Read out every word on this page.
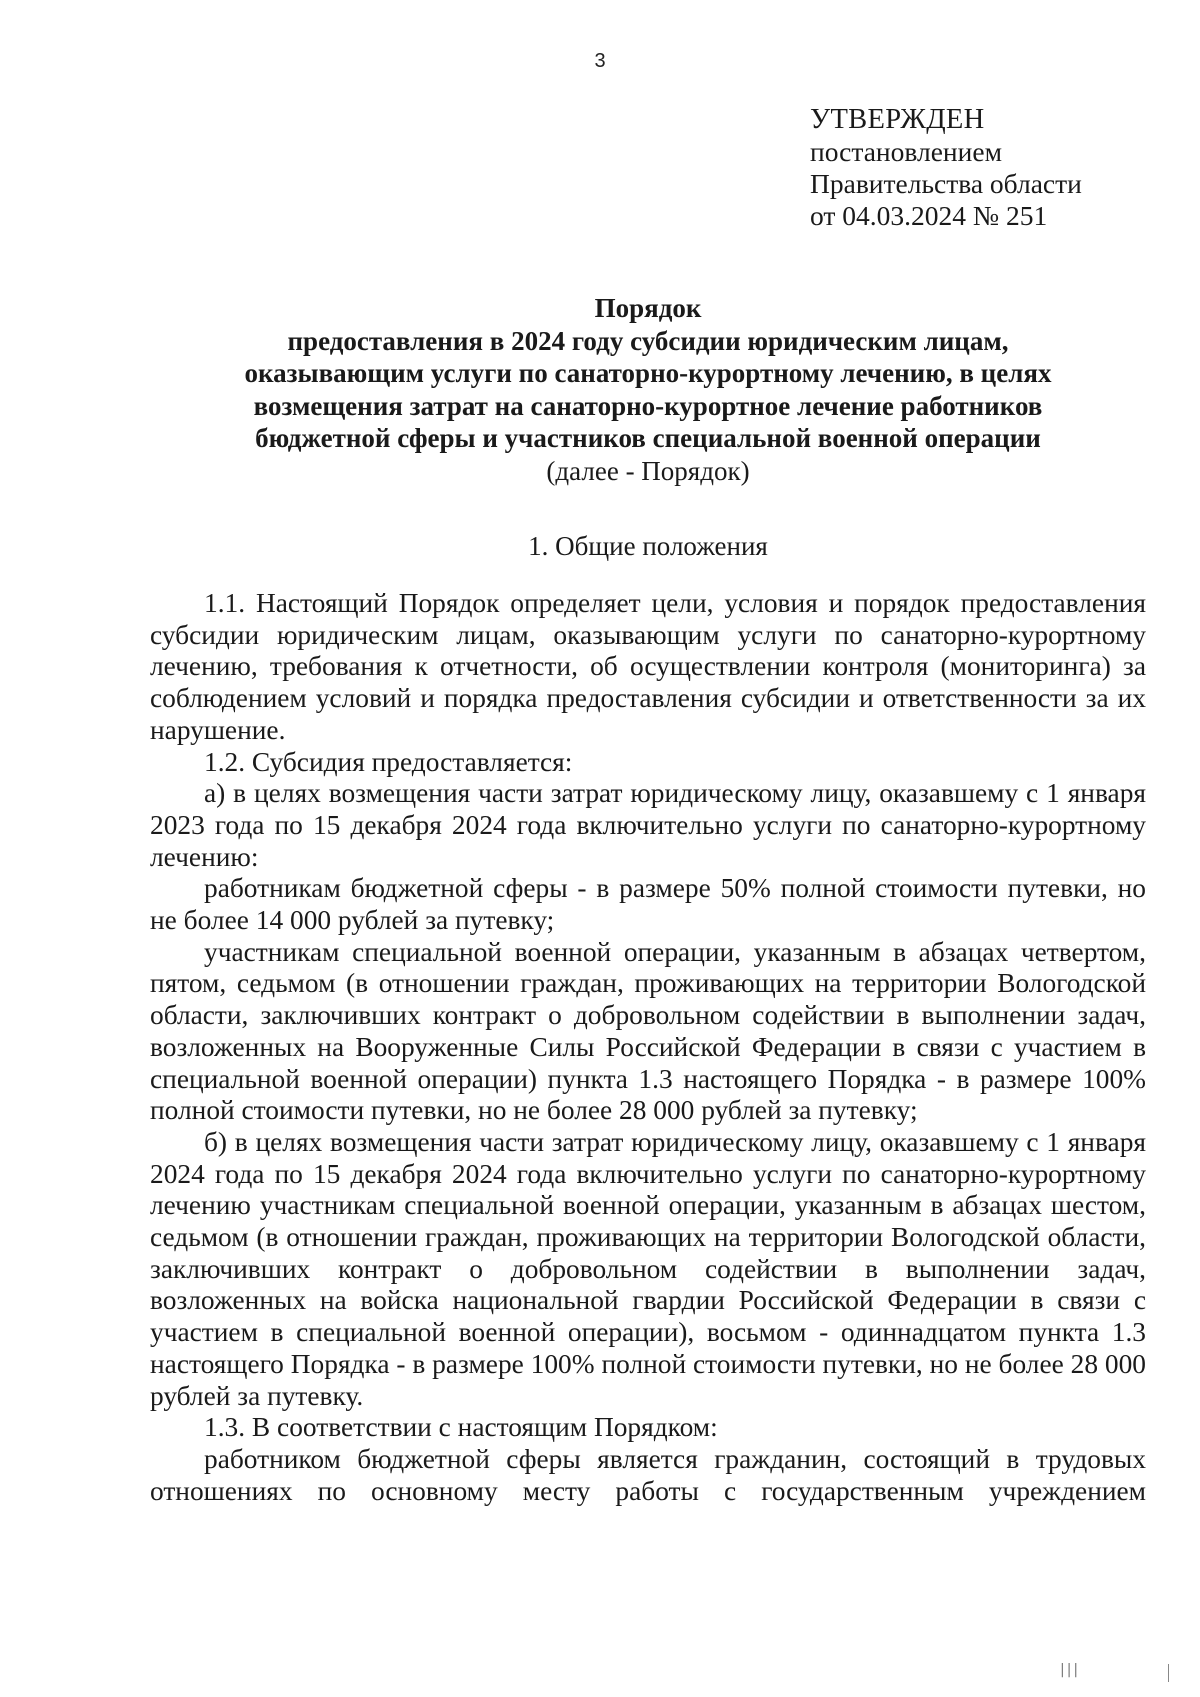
3
УТВЕРЖДЕН
постановлением
Правительства области
от 04.03.2024 № 251
Порядок
предоставления в 2024 году субсидии юридическим лицам,
оказывающим услуги по санаторно-курортному лечению, в целях
возмещения затрат на санаторно-курортное лечение работников
бюджетной сферы и участников специальной военной операции
(далее - Порядок)
1. Общие положения

1.1. Настоящий Порядок определяет цели, условия и порядок предоставления субсидии юридическим лицам, оказывающим услуги по санаторно-курортному лечению, требования к отчетности, об осуществлении контроля (мониторинга) за соблюдением условий и порядка предоставления субсидии и ответственности за их нарушение.

1.2. Субсидия предоставляется:

а) в целях возмещения части затрат юридическому лицу, оказавшему с 1 января 2023 года по 15 декабря 2024 года включительно услуги по санаторно-курортному лечению:

работникам бюджетной сферы - в размере 50% полной стоимости путевки, но не более 14 000 рублей за путевку;

участникам специальной военной операции, указанным в абзацах четвертом, пятом, седьмом (в отношении граждан, проживающих на территории Вологодской области, заключивших контракт о добровольном содействии в выполнении задач, возложенных на Вооруженные Силы Российской Федерации в связи с участием в специальной военной операции) пункта 1.3 настоящего Порядка - в размере 100% полной стоимости путевки, но не более 28 000 рублей за путевку;

б) в целях возмещения части затрат юридическому лицу, оказавшему с 1 января 2024 года по 15 декабря 2024 года включительно услуги по санаторно-курортному лечению участникам специальной военной операции, указанным в абзацах шестом, седьмом (в отношении граждан, проживающих на территории Вологодской области, заключивших контракт о добровольном содействии в выполнении задач, возложенных на войска национальной гвардии Российской Федерации в связи с участием в специальной военной операции), восьмом - одиннадцатом пункта 1.3 настоящего Порядка - в размере 100% полной стоимости путевки, но не более 28 000 рублей за путевку.

1.3. В соответствии с настоящим Порядком:

работником бюджетной сферы является гражданин, состоящий в трудовых отношениях по основному месту работы с государственным учреждением

|||
